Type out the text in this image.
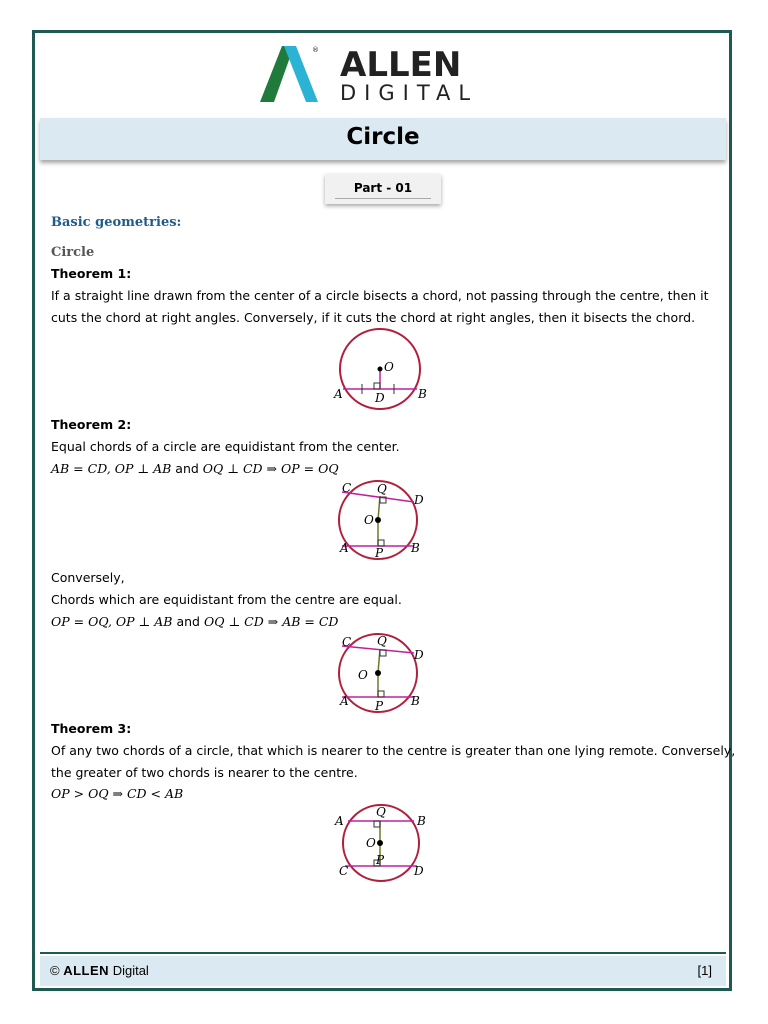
® ALLEN
DIGITAL
Circle
Part - 01
Basic geometries:
Circle
Theorem 1:
If a straight line drawn from the center of a circle bisects a chord, not passing through the centre, then it
cuts the chord at right angles. Conversely, if it cuts the chord at right angles, then it bisects the chord.
O
A	B
D
Theorem 2:
Equal chords of a circle are equidistant from the center.
AB = CD, OP ⊥ AB and OQ ⊥ CD ⇒ OP = OQ
C Q
D
O
A P B
Conversely,
Chords which are equidistant from the centre are equal.
OP = OQ, OP ⊥ AB and OQ ⊥ CD ⇒ AB = CD
C Q
D
O
A P B
Theorem 3:
Of any two chords of a circle, that which is nearer to the centre is greater than one lying remote. Conversely,
the greater of two chords is nearer to the centre.
OP > OQ ⇒ CD < AB
A
Q
B
O
P
C	D
© ALLEN Digital	[1]
